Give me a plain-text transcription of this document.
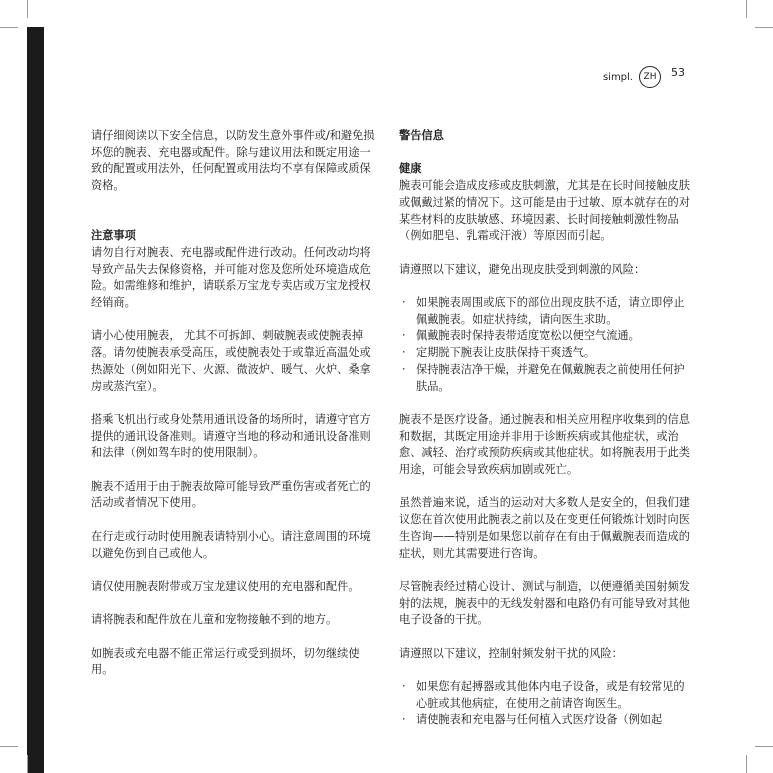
simpl.	ZH	53

请仔细阅读以下安全信息，以防发生意外事件或/和避免损坏您的腕表、充电器或配件。除与建议用法和既定用途一致的配置或用法外，任何配置或用法均不享有保障或质保资格。

注意事项

请勿自行对腕表、充电器或配件进行改动。任何改动均将导致产品失去保修资格，并可能对您及您所处环境造成危险。如需维修和维护，请联系万宝龙专卖店或万宝龙授权经销商。

请小心使用腕表， 尤其不可拆卸、刺破腕表或使腕表掉落。请勿使腕表承受高压，或使腕表处于或靠近高温处或热源处（例如阳光下、火源、微波炉、暖气、火炉、桑拿房或蒸汽室）。

搭乘飞机出行或身处禁用通讯设备的场所时，请遵守官方提供的通讯设备准则。请遵守当地的移动和通讯设备准则和法律（例如驾车时的使用限制）。

腕表不适用于由于腕表故障可能导致严重伤害或者死亡的活动或者情况下使用。

在行走或行动时使用腕表请特别小心。请注意周围的环境以避免伤到自己或他人。

请仅使用腕表附带或万宝龙建议使用的充电器和配件。

请将腕表和配件放在儿童和宠物接触不到的地方。

如腕表或充电器不能正常运行或受到损坏，切勿继续使用。

警告信息

健康

腕表可能会造成皮疹或皮肤刺激，尤其是在长时间接触皮肤或佩戴过紧的情况下。这可能是由于过敏、原本就存在的对某些材料的皮肤敏感、环境因素、长时间接触刺激性物品（例如肥皂、乳霜或汗液）等原因而引起。

请遵照以下建议，避免出现皮肤受到刺激的风险：

· 如果腕表周围或底下的部位出现皮肤不适，请立即停止佩戴腕表。如症状持续，请向医生求助。
· 佩戴腕表时保持表带适度宽松以便空气流通。
· 定期脱下腕表让皮肤保持干爽透气。
· 保持腕表洁净干燥，并避免在佩戴腕表之前使用任何护肤品。

腕表不是医疗设备。通过腕表和相关应用程序收集到的信息和数据，其既定用途并非用于诊断疾病或其他症状，或治愈、减轻、治疗或预防疾病或其他症状。如将腕表用于此类用途，可能会导致疾病加剧或死亡。

虽然普遍来说，适当的运动对大多数人是安全的，但我们建议您在首次使用此腕表之前以及在变更任何锻炼计划时向医生咨询——特别是如果您以前存在有由于佩戴腕表而造成的症状，则尤其需要进行咨询。

尽管腕表经过精心设计、测试与制造，以便遵循美国射频发射的法规，腕表中的无线发射器和电路仍有可能导致对其他电子设备的干扰。

请遵照以下建议，控制射频发射干扰的风险：

· 如果您有起搏器或其他体内电子设备，或是有较常见的心脏或其他病症，在使用之前请咨询医生。
· 请使腕表和充电器与任何植入式医疗设备（例如起
